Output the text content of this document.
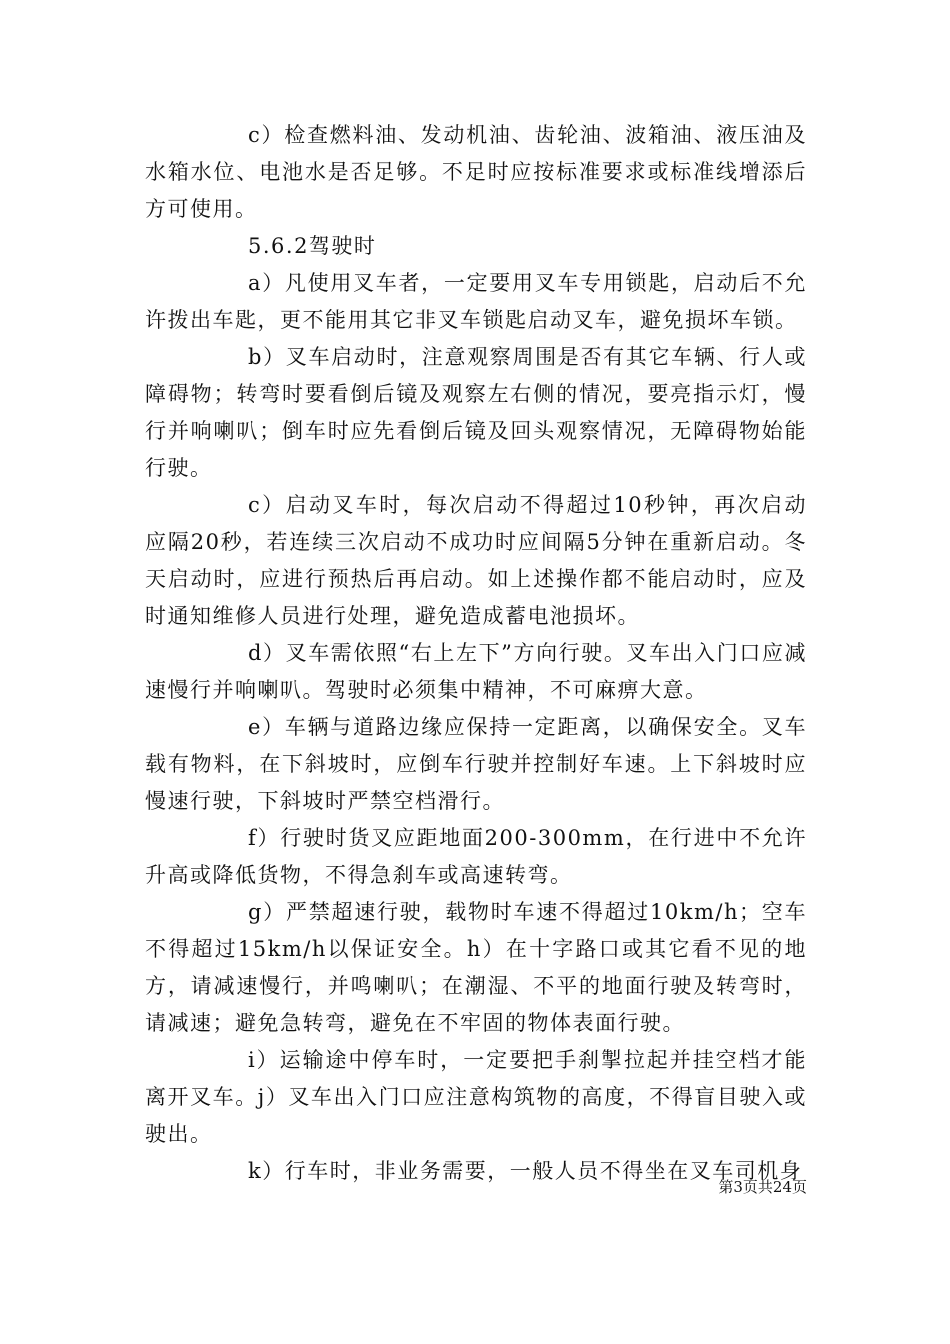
c）检查燃料油、发动机油、齿轮油、波箱油、液压油及水箱水位、电池水是否足够。不足时应按标准要求或标准线增添后方可使用。

5.6.2驾驶时

a）凡使用叉车者，一定要用叉车专用锁匙，启动后不允许拨出车匙，更不能用其它非叉车锁匙启动叉车，避免损坏车锁。

b）叉车启动时，注意观察周围是否有其它车辆、行人或障碍物；转弯时要看倒后镜及观察左右侧的情况，要亮指示灯，慢行并响喇叭；倒车时应先看倒后镜及回头观察情况，无障碍物始能行驶。

c）启动叉车时，每次启动不得超过10秒钟，再次启动应隔20秒，若连续三次启动不成功时应间隔5分钟在重新启动。冬天启动时，应进行预热后再启动。如上述操作都不能启动时，应及时通知维修人员进行处理，避免造成蓄电池损坏。

d）叉车需依照“右上左下”方向行驶。叉车出入门口应减速慢行并响喇叭。驾驶时必须集中精神，不可麻痹大意。

e）车辆与道路边缘应保持一定距离，以确保安全。叉车载有物料，在下斜坡时，应倒车行驶并控制好车速。上下斜坡时应慢速行驶，下斜坡时严禁空档滑行。

f）行驶时货叉应距地面200-300mm，在行进中不允许升高或降低货物，不得急刹车或高速转弯。

g）严禁超速行驶，载物时车速不得超过10km/h；空车不得超过15km/h以保证安全。h）在十字路口或其它看不见的地方，请减速慢行，并鸣喇叭；在潮湿、不平的地面行驶及转弯时，请减速；避免急转弯，避免在不牢固的物体表面行驶。

i）运输途中停车时，一定要把手刹掣拉起并挂空档才能离开叉车。j）叉车出入门口应注意构筑物的高度，不得盲目驶入或驶出。

k）行车时，非业务需要，一般人员不得坐在叉车司机身

第3页共24页
